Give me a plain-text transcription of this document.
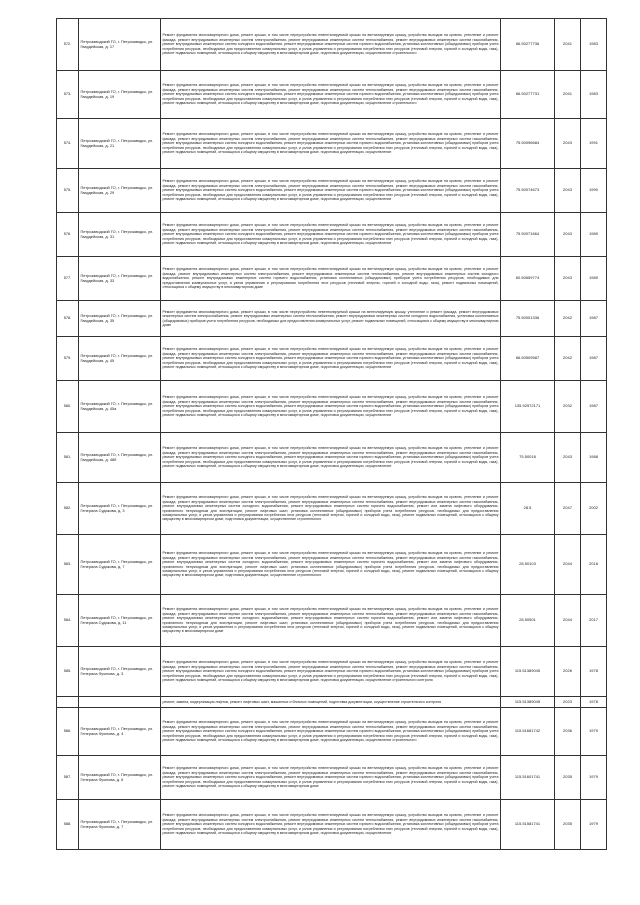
572.	Петрозаводский ГО, г. Петрозаводск, ул. Гвардейская, д. 17	Ремонт фундамента многоквартирного дома, ремонт крыши, в том числе переустройство невентилируемой крыши на вентилируемую крышу, устройство выходов на кровлю, утепление и ремонт фасада, ремонт внутридомовых инженерных систем электроснабжения, ремонт внутридомовых инженерных систем теплоснабжения, ремонт внутридомовых инженерных систем газоснабжения, ремонт внутридомовых инженерных систем холодного водоснабжения, ремонт внутридомовых инженерных систем горячего водоснабжения, установка коллективных (общедомовых) приборов учета потребления ресурсов, необходимых для предоставления коммунальных услуг, и узлов управления и регулирования потребления этих ресурсов (тепловой энергии, горячей и холодной воды, газа), ремонт подвальных помещений, относящихся к общему имуществу в многоквартирном доме, подготовка документации, осуществление строительного	66.50277736	2041	1983
573.	Петрозаводский ГО, г. Петрозаводск, ул. Гвардейская, д. 19	Ремонт фундамента многоквартирного дома, ремонт крыши, в том числе переустройство невентилируемой крыши на вентилируемую крышу, устройство выходов на кровлю, утепление и ремонт фасада, ремонт внутридомовых инженерных систем электроснабжения, ремонт внутридомовых инженерных систем теплоснабжения, ремонт внутридомовых инженерных систем газоснабжения, ремонт внутридомовых инженерных систем холодного водоснабжения, ремонт внутридомовых инженерных систем горячего водоснабжения, установка коллективных (общедомовых) приборов учета потребления ресурсов, необходимых для предоставления коммунальных услуг, и узлов управления и регулирования потребления этих ресурсов (тепловой энергии, горячей и холодной воды, газа), ремонт подвальных помещений, относящихся к общему имуществу в многоквартирном доме, подготовка документации, осуществление строительного	66.50277731	2041	1983
574.	Петрозаводский ГО, г. Петрозаводск, ул. Гвардейская, д. 21	Ремонт фундамента многоквартирного дома, ремонт крыши, в том числе переустройство невентилируемой крыши на вентилируемую крышу, устройство выходов на кровлю, утепление и ремонт фасада, ремонт внутридомовых инженерных систем электроснабжения, ремонт внутридомовых инженерных систем теплоснабжения, ремонт внутридомовых инженерных систем газоснабжения, ремонт внутридомовых инженерных систем холодного водоснабжения, ремонт внутридомовых инженерных систем горячего водоснабжения, установка коллективных (общедомовых) приборов учета потребления ресурсов, необходимых для предоставления коммунальных услуг, и узлов управления и регулирования потребления этих ресурсов (тепловой энергии, горячей и холодной воды, газа), ремонт подвальных помещений, относящихся к общему имуществу в многоквартирном доме, подготовка документации, осуществление	75.50096684	2043	1991
575.	Петрозаводский ГО, г. Петрозаводск, ул. Гвардейская, д. 29	Ремонт фундамента многоквартирного дома, ремонт крыши, в том числе переустройство невентилируемой крыши на вентилируемую крышу, устройство выходов на кровлю, утепление и ремонт фасада, ремонт внутридомовых инженерных систем электроснабжения, ремонт внутридомовых инженерных систем теплоснабжения, ремонт внутридомовых инженерных систем газоснабжения, ремонт внутридомовых инженерных систем холодного водоснабжения, ремонт внутридомовых инженерных систем горячего водоснабжения, установка коллективных (общедомовых) приборов учета потребления ресурсов, необходимых для предоставления коммунальных услуг, и узлов управления и регулирования потребления этих ресурсов (тепловой энергии, горячей и холодной воды, газа), ремонт подвальных помещений, относящихся к общему имуществу в многоквартирном доме, подготовка документации, осуществление	75.50074673	2043	1990
576.	Петрозаводский ГО, г. Петрозаводск, ул. Гвардейская, д. 31	Ремонт фундамента многоквартирного дома, ремонт крыши, в том числе переустройство невентилируемой крыши на вентилируемую крышу, устройство выходов на кровлю, утепление и ремонт фасада, ремонт внутридомовых инженерных систем электроснабжения, ремонт внутридомовых инженерных систем теплоснабжения, ремонт внутридомовых инженерных систем газоснабжения, ремонт внутридомовых инженерных систем холодного водоснабжения, ремонт внутридомовых инженерных систем горячего водоснабжения, установка коллективных (общедомовых) приборов учета потребления ресурсов, необходимых для предоставления коммунальных услуг, и узлов управления и регулирования потребления этих ресурсов (тепловой энергии, горячей и холодной воды, газа), ремонт подвальных помещений, относящихся к общему имуществу в многоквартирном доме, подготовка документации, осуществление	75.50071664	2043	1989
577.	Петрозаводский ГО, г. Петрозаводск, ул. Гвардейская, д. 33	Ремонт фундамента многоквартирного дома, ремонт крыши, в том числе переустройство невентилируемой крыши на вентилируемую крышу, устройство выходов на кровлю, утепление и ремонт фасада, ремонт внутридомовых инженерных систем электроснабжения, ремонт внутридомовых инженерных систем теплоснабжения, ремонт внутридомовых инженерных систем холодного водоснабжения, ремонт внутридомовых инженерных систем горячего водоснабжения, установка коллективных (общедомовых) приборов учета потребления ресурсов, необходимых для предоставления коммунальных услуг, и узлов управления и регулирования потребления этих ресурсов (тепловой энергии, горячей и холодной воды, газа), ремонт подвальных помещений, относящихся к общему имуществу в многоквартирном доме	60.50659774	2043	1989
578.	Петрозаводский ГО, г. Петрозаводск, ул. Гвардейская, д. 35	Ремонт фундамента многоквартирного дома, ремонт крыши, в том числе переустройство невентилируемой крыши на вентилируемую крышу, утепление и ремонт фасада, ремонт внутридомовых инженерных систем электроснабжения, ремонт внутридомовых инженерных систем теплоснабжения, ремонт внутридомовых инженерных систем холодного водоснабжения, установка коллективных (общедомовых) приборов учета потребления ресурсов, необходимых для предоставления коммунальных услуг, ремонт подвальных помещений, относящихся к общему имуществу в многоквартирном доме	75.50001336	2042	1987
579.	Петрозаводский ГО, г. Петрозаводск, ул. Гвардейская, д. 45	Ремонт фундамента многоквартирного дома, ремонт крыши, в том числе переустройство невентилируемой крыши на вентилируемую крышу, устройство выходов на кровлю, утепление и ремонт фасада, ремонт внутридомовых инженерных систем электроснабжения, ремонт внутридомовых инженерных систем теплоснабжения, ремонт внутридомовых инженерных систем газоснабжения, ремонт внутридомовых инженерных систем холодного водоснабжения, ремонт внутридомовых инженерных систем горячего водоснабжения, установка коллективных (общедомовых) приборов учета потребления ресурсов, необходимых для предоставления коммунальных услуг, и узлов управления и регулирования потребления этих ресурсов (тепловой энергии, горячей и холодной воды, газа), ремонт подвальных помещений, относящихся к общему имуществу в многоквартирном доме, подготовка документации, осуществление	66.50509587	2042	1987
580.	Петрозаводский ГО, г. Петрозаводск, ул. Гвардейская, д. 45а	Ремонт фундамента многоквартирного дома, ремонт крыши, в том числе переустройство невентилируемой крыши на вентилируемую крышу, устройство выходов на кровлю, утепление и ремонт фасада, ремонт внутридомовых инженерных систем электроснабжения, ремонт внутридомовых инженерных систем теплоснабжения, ремонт внутридомовых инженерных систем газоснабжения, ремонт внутридомовых инженерных систем холодного водоснабжения, ремонт внутридомовых инженерных систем горячего водоснабжения, установка коллективных (общедомовых) приборов учета потребления ресурсов, необходимых для предоставления коммунальных услуг, и узлов управления и регулирования потребления этих ресурсов (тепловой энергии, горячей и холодной воды, газа), ремонт подвальных помещений, относящихся к общему имуществу в многоквартирном доме, подготовка документации, осуществление	135.92572171	2032	1987
581.	Петрозаводский ГО, г. Петрозаводск, ул. Гвардейская, д. 48б	Ремонт фундамента многоквартирного дома, ремонт крыши, в том числе переустройство невентилируемой крыши на вентилируемую крышу, устройство выходов на кровлю, утепление и ремонт фасада, ремонт внутридомовых инженерных систем электроснабжения, ремонт внутридомовых инженерных систем теплоснабжения, ремонт внутридомовых инженерных систем газоснабжения, ремонт внутридомовых инженерных систем холодного водоснабжения, ремонт внутридомовых инженерных систем горячего водоснабжения, установка коллективных (общедомовых) приборов учета потребления ресурсов, необходимых для предоставления коммунальных услуг, и узлов управления и регулирования потребления этих ресурсов (тепловой энергии, горячей и холодной воды, газа), ремонт подвальных помещений, относящихся к общему имуществу в многоквартирном доме, подготовка документации, осуществление	75.50018	2043	1988
582.	Петрозаводский ГО, г. Петрозаводск, ул. Генерала Судакова, д. 3	Ремонт фундамента многоквартирного дома, ремонт крыши, в том числе переустройство невентилируемой крыши на вентилируемую крышу, устройство выходов на кровлю, утепление и ремонт фасада, ремонт внутридомовых инженерных систем электроснабжения, ремонт внутридомовых инженерных систем теплоснабжения, ремонт внутридомовых инженерных систем газоснабжения, ремонт внутридомовых инженерных систем холодного водоснабжения, ремонт внутридомовых инженерных систем горячего водоснабжения, ремонт или замена лифтового оборудования, признанного непригодным для эксплуатации, ремонт лифтовых шахт, установка коллективных (общедомовых) приборов учета потребления ресурсов, необходимых для предоставления коммунальных услуг, и узлов управления и регулирования потребления этих ресурсов (тепловой энергии, горячей и холодной воды, газа), ремонт подвальных помещений, относящихся к общему имуществу в многоквартирном доме, подготовка документации, осуществление строительного	28.5	2047	2002
583.	Петрозаводский ГО, г. Петрозаводск, ул. Генерала Судакова, д. 7	Ремонт фундамента многоквартирного дома, ремонт крыши, в том числе переустройство невентилируемой крыши на вентилируемую крышу, устройство выходов на кровлю, утепление и ремонт фасада, ремонт внутридомовых инженерных систем электроснабжения, ремонт внутридомовых инженерных систем теплоснабжения, ремонт внутридомовых инженерных систем газоснабжения, ремонт внутридомовых инженерных систем холодного водоснабжения, ремонт внутридомовых инженерных систем горячего водоснабжения, ремонт или замена лифтового оборудования, признанного непригодным для эксплуатации, ремонт лифтовых шахт, установка коллективных (общедомовых) приборов учета потребления ресурсов, необходимых для предоставления коммунальных услуг, и узлов управления и регулирования потребления этих ресурсов (тепловой энергии, горячей и холодной воды, газа), ремонт подвальных помещений, относящихся к общему имуществу в многоквартирном доме, подготовка документации, осуществление строительного	28.50103	2044	2018
584.	Петрозаводский ГО, г. Петрозаводск, ул. Генерала Судакова, д. 11	Ремонт фундамента многоквартирного дома, ремонт крыши, в том числе переустройство невентилируемой крыши на вентилируемую крышу, устройство выходов на кровлю, утепление и ремонт фасада, ремонт внутридомовых инженерных систем электроснабжения, ремонт внутридомовых инженерных систем теплоснабжения, ремонт внутридомовых инженерных систем газоснабжения, ремонт внутридомовых инженерных систем холодного водоснабжения, ремонт внутридомовых инженерных систем горячего водоснабжения, ремонт или замена лифтового оборудования, признанного непригодным для эксплуатации, ремонт лифтовых шахт, установка коллективных (общедомовых) приборов учета потребления ресурсов, необходимых для предоставления коммунальных услуг, и узлов управления и регулирования потребления этих ресурсов (тепловой энергии, горячей и холодной воды, газа), ремонт подвальных помещений, относящихся к общему имуществу в многоквартирном доме	28.50501	2044	2017
585.	Петрозаводский ГО, г. Петрозаводск, ул. Генерала Фролова, д. 3	Ремонт фундамента многоквартирного дома, ремонт крыши, в том числе переустройство невентилируемой крыши на вентилируемую крышу, устройство выходов на кровлю, утепление и ремонт фасада, ремонт внутридомовых инженерных систем электроснабжения, ремонт внутридомовых инженерных систем теплоснабжения, ремонт внутридомовых инженерных систем газоснабжения, ремонт внутридомовых инженерных систем холодного водоснабжения, ремонт внутридомовых инженерных систем горячего водоснабжения, установка коллективных (общедомовых) приборов учета потребления ресурсов, необходимых для предоставления коммунальных услуг, и узлов управления и регулирования потребления этих ресурсов (тепловой энергии, горячей и холодной воды, газа), ремонт подвальных помещений, относящихся к общему имуществу в многоквартирном доме, подготовка документации, осуществление строительного контроля	115.51389045	2026	1978
		ремонт, замена, модернизация лифтов, ремонт лифтовых шахт, машинных и блочных помещений, подготовка документации, осуществление строительного контроля	115.51389045	2023	1978
586.	Петрозаводский ГО, г. Петрозаводск, ул. Генерала Фролова, д. 4	Ремонт фундамента многоквартирного дома, ремонт крыши, в том числе переустройство невентилируемой крыши на вентилируемую крышу, устройство выходов на кровлю, утепление и ремонт фасада, ремонт внутридомовых инженерных систем электроснабжения, ремонт внутридомовых инженерных систем теплоснабжения, ремонт внутридомовых инженерных систем газоснабжения, ремонт внутридомовых инженерных систем холодного водоснабжения, ремонт внутридомовых инженерных систем горячего водоснабжения, установка коллективных (общедомовых) приборов учета потребления ресурсов, необходимых для предоставления коммунальных услуг, и узлов управления и регулирования потребления этих ресурсов (тепловой энергии, горячей и холодной воды, газа), ремонт подвальных помещений, относящихся к общему имуществу в многоквартирном доме, подготовка документации, осуществление строительного	115.51681742	2036	1979
587.	Петрозаводский ГО, г. Петрозаводск, ул. Генерала Фролова, д. 6	Ремонт фундамента многоквартирного дома, ремонт крыши, в том числе переустройство невентилируемой крыши на вентилируемую крышу, устройство выходов на кровлю, утепление и ремонт фасада, ремонт внутридомовых инженерных систем электроснабжения, ремонт внутридомовых инженерных систем теплоснабжения, ремонт внутридомовых инженерных систем газоснабжения, ремонт внутридомовых инженерных систем холодного водоснабжения, ремонт внутридомовых инженерных систем горячего водоснабжения, установка коллективных (общедомовых) приборов учета потребления ресурсов, необходимых для предоставления коммунальных услуг, и узлов управления и регулирования потребления этих ресурсов (тепловой энергии, горячей и холодной воды, газа), ремонт подвальных помещений, относящихся к общему имуществу в многоквартирном доме	115.51601741	2035	1979
588.	Петрозаводский ГО, г. Петрозаводск, ул. Генерала Фролова, д. 7	Ремонт фундамента многоквартирного дома, ремонт крыши, в том числе переустройство невентилируемой крыши на вентилируемую крышу, устройство выходов на кровлю, утепление и ремонт фасада, ремонт внутридомовых инженерных систем электроснабжения, ремонт внутридомовых инженерных систем теплоснабжения, ремонт внутридомовых инженерных систем газоснабжения, ремонт внутридомовых инженерных систем холодного водоснабжения, ремонт внутридомовых инженерных систем горячего водоснабжения, установка коллективных (общедомовых) приборов учета потребления ресурсов, необходимых для предоставления коммунальных услуг, и узлов управления и регулирования потребления этих ресурсов (тепловой энергии, горячей и холодной воды, газа), ремонт подвальных помещений, относящихся к общему имуществу в многоквартирном доме, подготовка документации, осуществление	115.51581741	2035	1979
